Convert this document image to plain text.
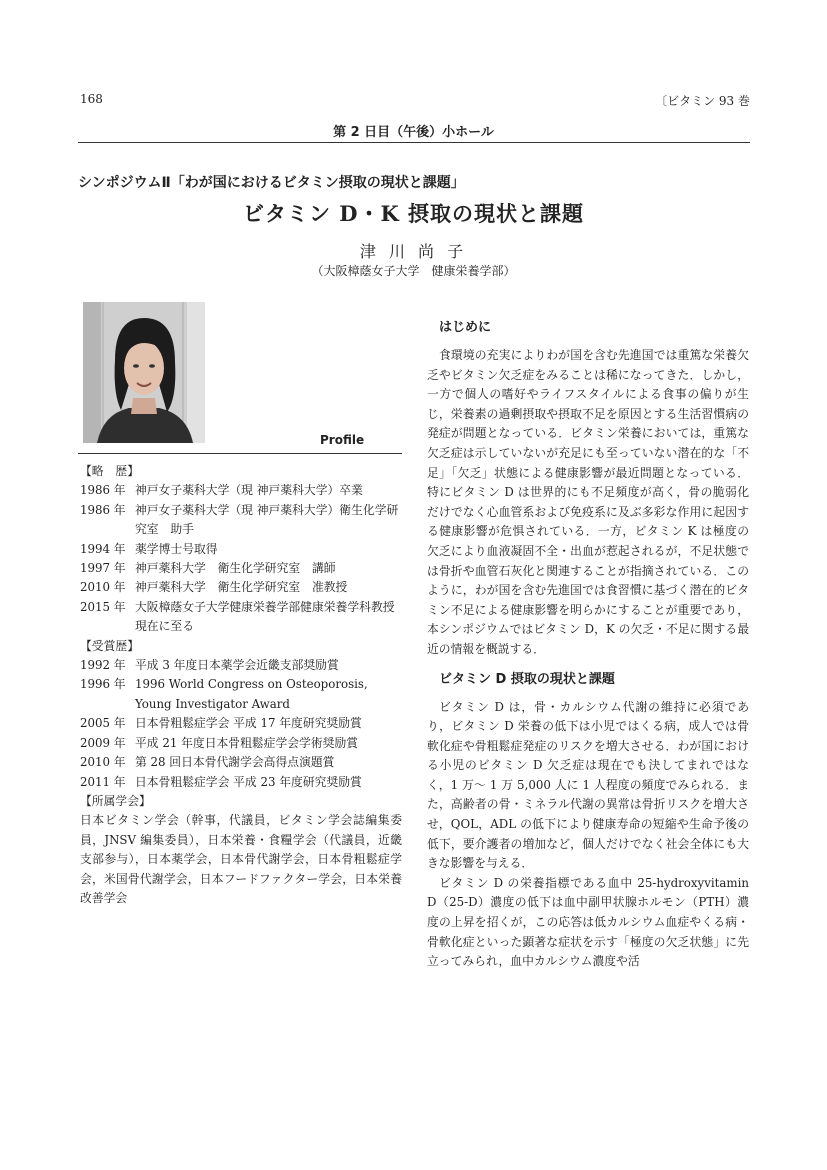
168	〔ビタミン 93 巻
第 2 日目（午後）小ホール
シンポジウムⅡ「わが国におけるビタミン摂取の現状と課題」
ビタミン D・K 摂取の現状と課題
津 川 尚 子
（大阪樟蔭女子大学　健康栄養学部）
Profile

【略　歴】

1986 年 神戸女子薬科大学（現 神戸薬科大学）卒業
1986 年 神戸女子薬科大学（現 神戸薬科大学）衛生化学研究室　助手
1994 年 薬学博士号取得
1997 年 神戸薬科大学　衛生化学研究室　講師
2010 年 神戸薬科大学　衛生化学研究室　准教授
2015 年 大阪樟蔭女子大学健康栄養学部健康栄養学科教授
現在に至る

【受賞歴】

1992 年 平成 3 年度日本薬学会近畿支部奨励賞
1996 年 1996 World Congress on Osteoporosis, Young Investigator Award
2005 年 日本骨粗鬆症学会 平成 17 年度研究奨励賞
2009 年 平成 21 年度日本骨粗鬆症学会学術奨励賞
2010 年 第 28 回日本骨代謝学会高得点演題賞
2011 年 日本骨粗鬆症学会 平成 23 年度研究奨励賞

【所属学会】

日本ビタミン学会（幹事，代議員，ビタミン学会誌編集委員，JNSV 編集委員），日本栄養・食糧学会（代議員，近畿支部参与），日本薬学会，日本骨代謝学会，日本骨粗鬆症学会，米国骨代謝学会，日本フードファクター学会，日本栄養改善学会

はじめに

食環境の充実によりわが国を含む先進国では重篤な栄養欠乏やビタミン欠乏症をみることは稀になってきた．しかし，一方で個人の嗜好やライフスタイルによる食事の偏りが生じ，栄養素の過剰摂取や摂取不足を原因とする生活習慣病の発症が問題となっている．ビタミン栄養においては，重篤な欠乏症は示していないが充足にも至っていない潜在的な「不足」「欠乏」状態による健康影響が最近問題となっている．特にビタミン D は世界的にも不足頻度が高く，骨の脆弱化だけでなく心血管系および免疫系に及ぶ多彩な作用に起因する健康影響が危惧されている．一方，ビタミン K は極度の欠乏により血液凝固不全・出血が惹起されるが，不足状態では骨折や血管石灰化と関連することが指摘されている．このように，わが国を含む先進国では食習慣に基づく潜在的ビタミン不足による健康影響を明らかにすることが重要であり，本シンポジウムではビタミン D，K の欠乏・不足に関する最近の情報を概説する．

ビタミン D 摂取の現状と課題

ビタミン D は，骨・カルシウム代謝の維持に必須であり，ビタミン D 栄養の低下は小児ではくる病，成人では骨軟化症や骨粗鬆症発症のリスクを増大させる．わが国における小児のビタミン D 欠乏症は現在でも決してまれではなく，1 万～ 1 万 5,000 人に 1 人程度の頻度でみられる．また，高齢者の骨・ミネラル代謝の異常は骨折リスクを増大させ，QOL，ADL の低下により健康寿命の短縮や生命予後の低下，要介護者の増加など，個人だけでなく社会全体にも大きな影響を与える．

ビタミン D の栄養指標である血中 25-hydroxyvitamin D（25-D）濃度の低下は血中副甲状腺ホルモン（PTH）濃度の上昇を招くが，この応答は低カルシウム血症やくる病・骨軟化症といった顕著な症状を示す「極度の欠乏状態」に先立ってみられ，血中カルシウム濃度や活
